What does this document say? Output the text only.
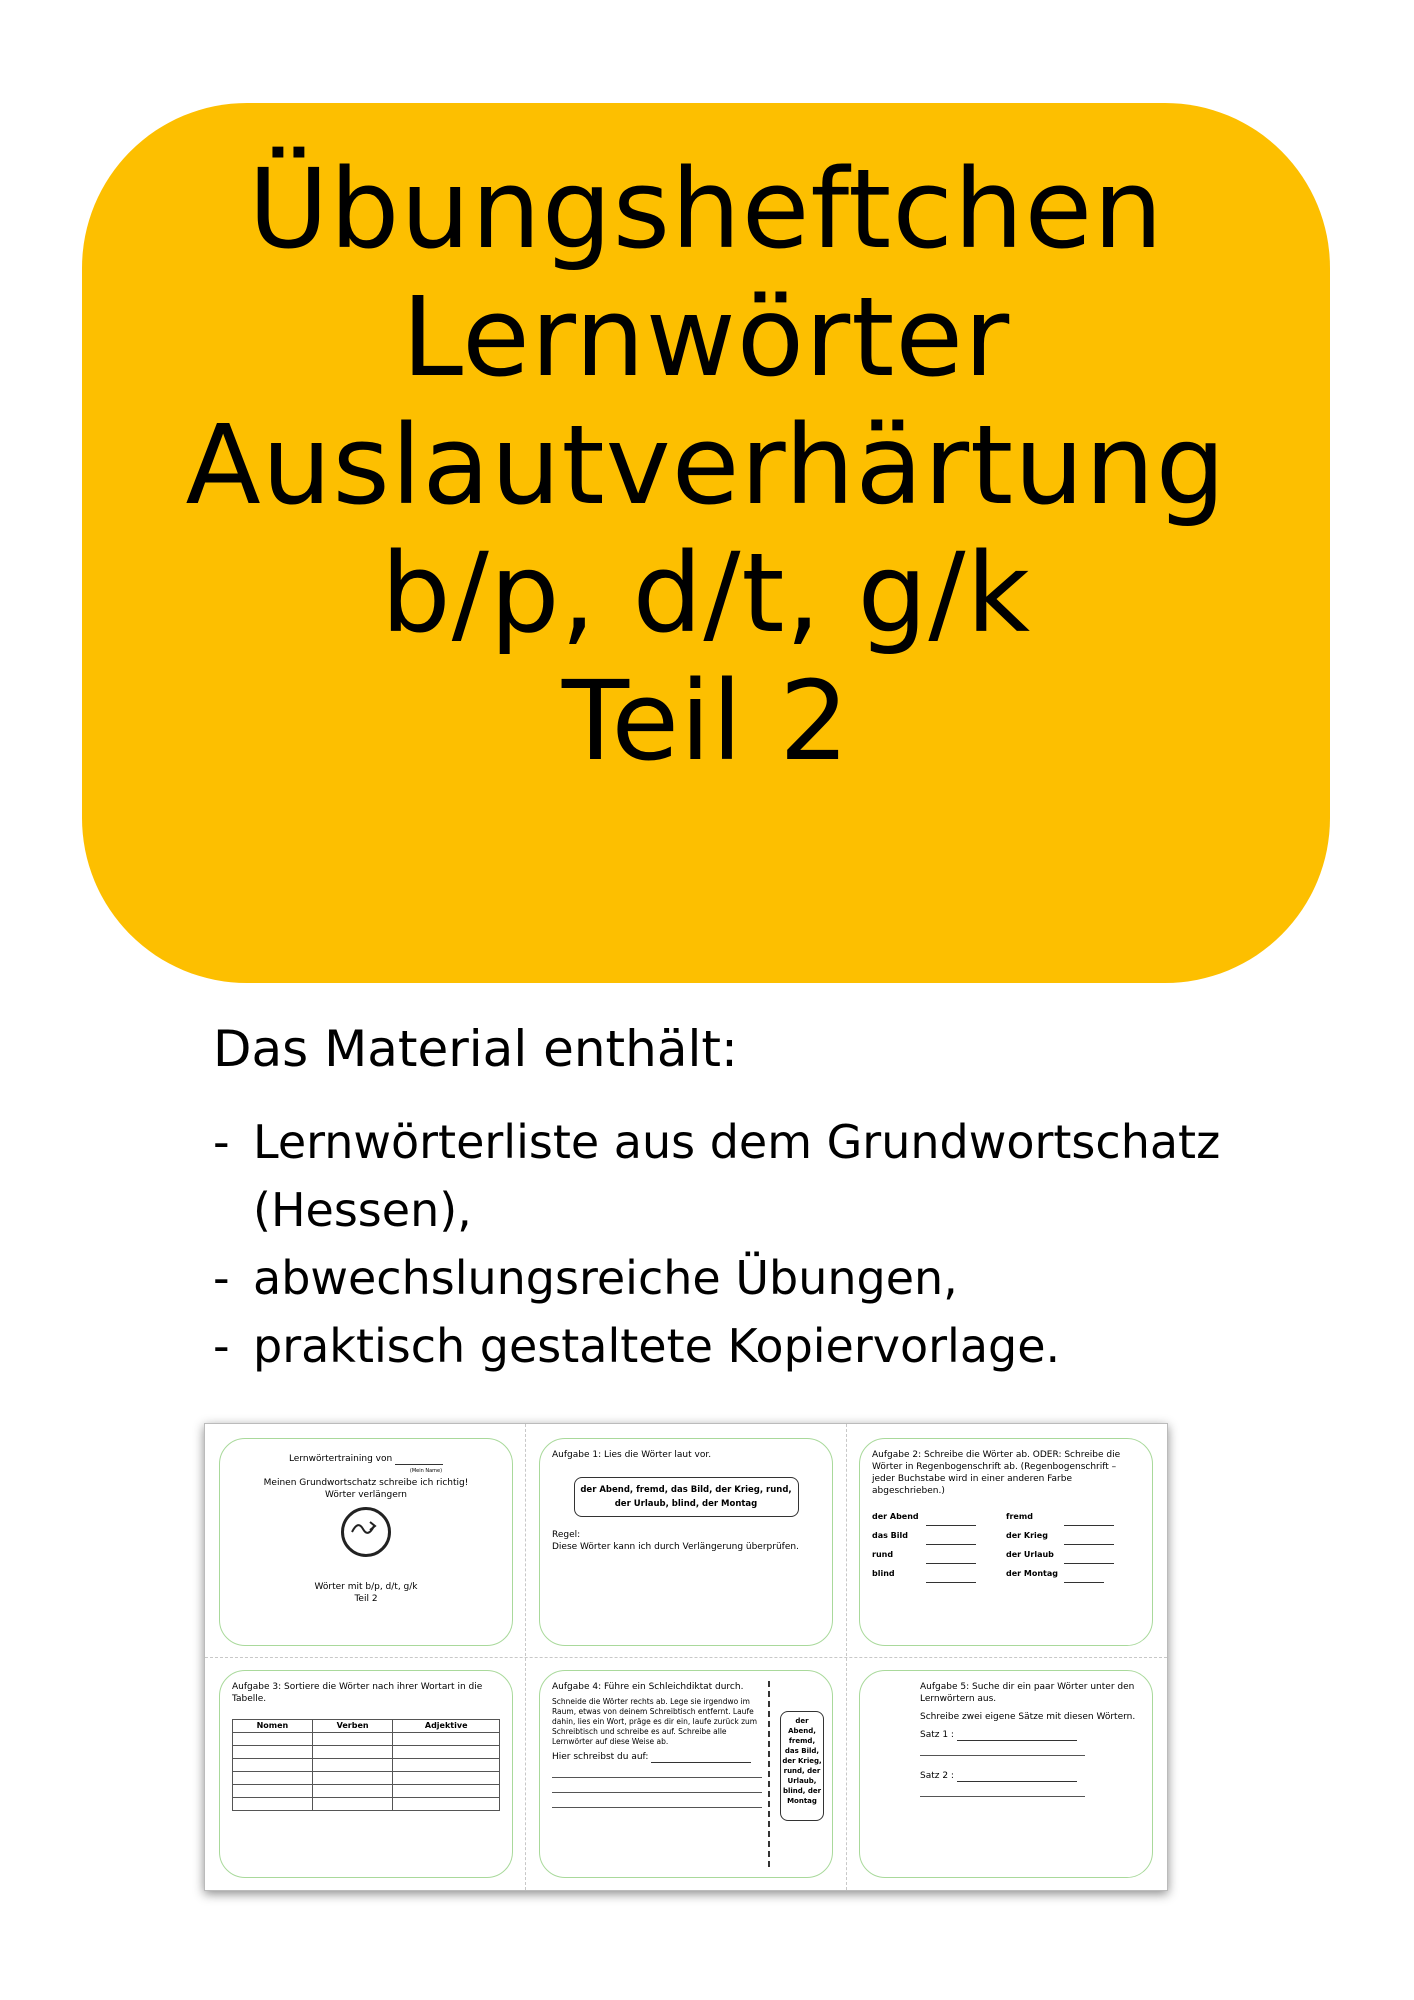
Übungsheftchen
Lernwörter
Auslautverhärtung
b/p, d/t, g/k
Teil 2
Das Material enthält:
- Lernwörterliste aus dem Grundwortschatz (Hessen),
- abwechslungsreiche Übungen,
- praktisch gestaltete Kopiervorlage.
Lernwörtertraining von
(Mein Name)
Meinen Grundwortschatz schreibe ich richtig!
Wörter verlängern
Wörter mit b/p, d/t, g/k
Teil 2
Aufgabe 1: Lies die Wörter laut vor.
der Abend, fremd, das Bild, der Krieg, rund, der Urlaub, blind, der Montag
Regel:
Diese Wörter kann ich durch Verlängerung überprüfen.
Aufgabe 2: Schreibe die Wörter ab. ODER: Schreibe die Wörter in Regenbogenschrift ab. (Regenbogenschrift – jeder Buchstabe wird in einer anderen Farbe abgeschrieben.)
der Abend
das Bild
rund
blind
fremd
der Krieg
der Urlaub
der Montag
Aufgabe 3: Sortiere die Wörter nach ihrer Wortart in die Tabelle.
Nomen	Verben	Adjektive

Aufgabe 4: Führe ein Schleichdiktat durch.
Schneide die Wörter rechts ab. Lege sie irgendwo im Raum, etwas von deinem Schreibtisch entfernt. Laufe dahin, lies ein Wort, präge es dir ein, laufe zurück zum Schreibtisch und schreibe es auf. Schreibe alle Lernwörter auf diese Weise ab.
Hier schreibst du auf:
der Abend, fremd, das Bild, der Krieg, rund, der Urlaub, blind, der Montag
Aufgabe 5: Suche dir ein paar Wörter unter den Lernwörtern aus.
Schreibe zwei eigene Sätze mit diesen Wörtern.
Satz 1 :
Satz 2 :
